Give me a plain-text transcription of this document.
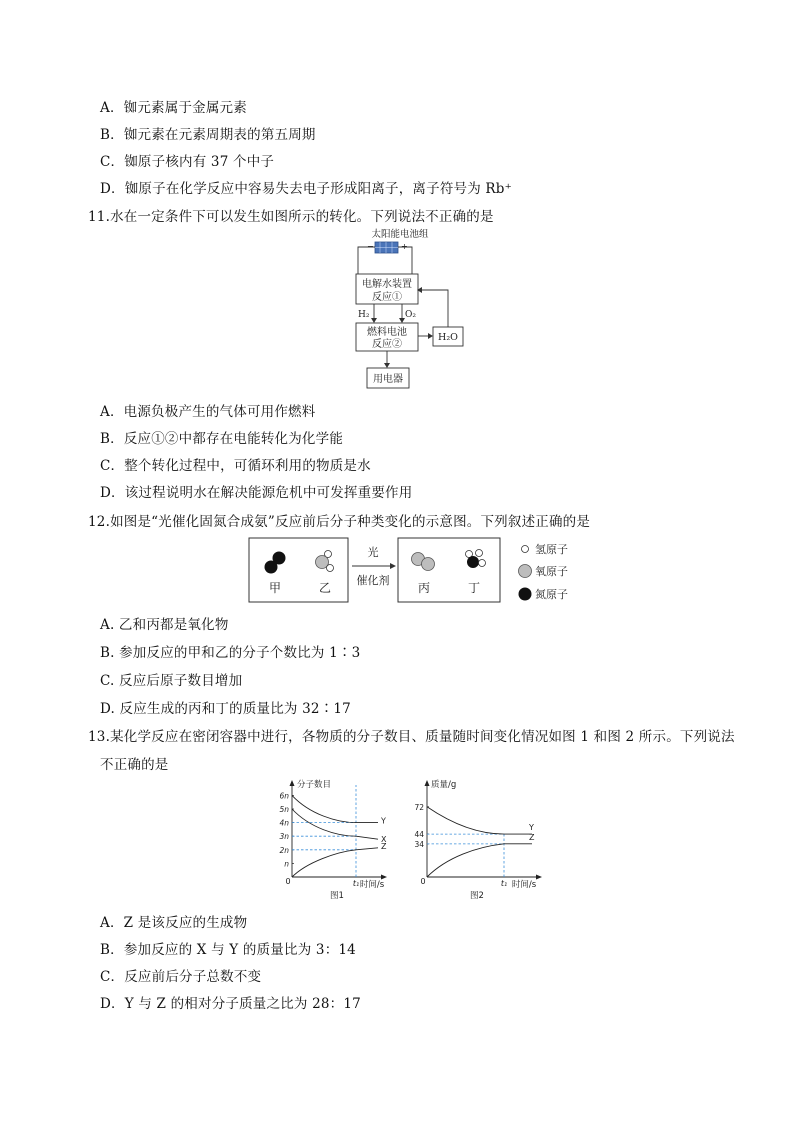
A．铷元素属于金属元素
B．铷元素在元素周期表的第五周期
C．铷原子核内有 37 个中子
D．铷原子在化学反应中容易失去电子形成阳离子，离子符号为 Rb⁺
11.水在一定条件下可以发生如图所示的转化。下列说法不正确的是
太阳能电池组
−	+
电解水装置
反应①
H₂	O₂
燃料电池
反应②
H₂O
用电器
A．电源负极产生的气体可用作燃料
B．反应①②中都存在电能转化为化学能
C．整个转化过程中，可循环利用的物质是水
D．该过程说明水在解决能源危机中可发挥重要作用
12.如图是“光催化固氮合成氨”反应前后分子种类变化的示意图。下列叙述正确的是
甲	乙
光
催化剂
丙	丁
氢原子
氧原子
氮原子
A. 乙和丙都是氧化物
B. 参加反应的甲和乙的分子个数比为 1∶3
C. 反应后原子数目增加
D. 反应生成的丙和丁的质量比为 32∶17
13.某化学反应在密闭容器中进行，各物质的分子数目、质量随时间变化情况如图 1 和图 2 所示。下列说法
不正确的是
分子数目
0	t₁ 时间/s
图1
6n
5n
4n
3n
2n
n
Y
X
Z
质量/g
0	t₁ 时间/s
图2
72
44
34
Y
Z
A．Z 是该反应的生成物
B．参加反应的 X 与 Y 的质量比为 3：14
C．反应前后分子总数不变
D．Y 与 Z 的相对分子质量之比为 28：17
